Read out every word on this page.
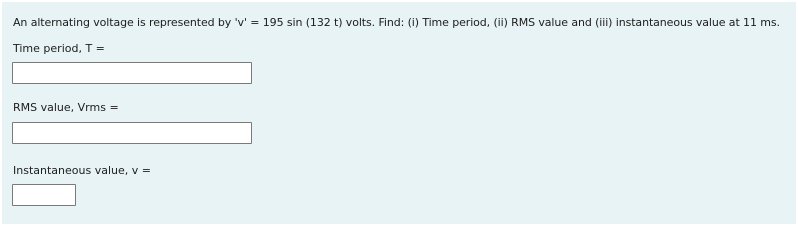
An alternating voltage is represented by 'v' = 195 sin (132 t) volts. Find: (i) Time period, (ii) RMS value and (iii) instantaneous value at 11 ms.
Time period, T =
RMS value, Vrms =
Instantaneous value, v =
